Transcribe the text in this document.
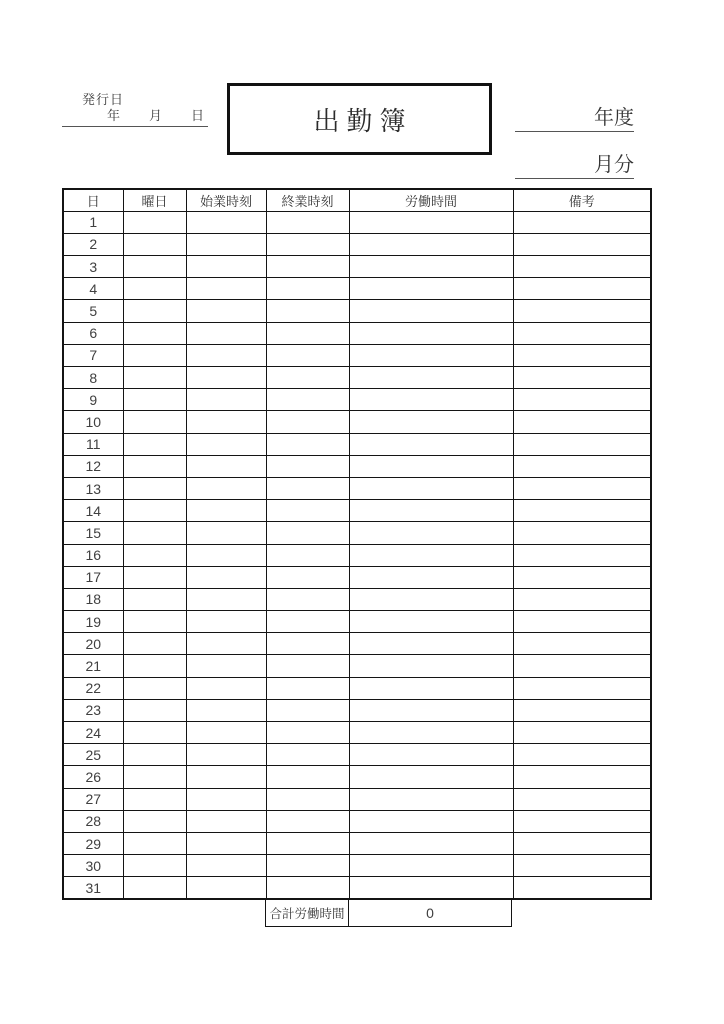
発行日
年 月 日	出勤簿	年度
月分
日	曜日	始業時刻	終業時刻	労働時間	備考
1					
2					
3					
4					
5					
6					
7					
8					
9					
10					
11					
12					
13					
14					
15					
16					
17					
18					
19					
20					
21					
22					
23					
24					
25					
26					
27					
28					
29					
30					
31					
合計労働時間	0
